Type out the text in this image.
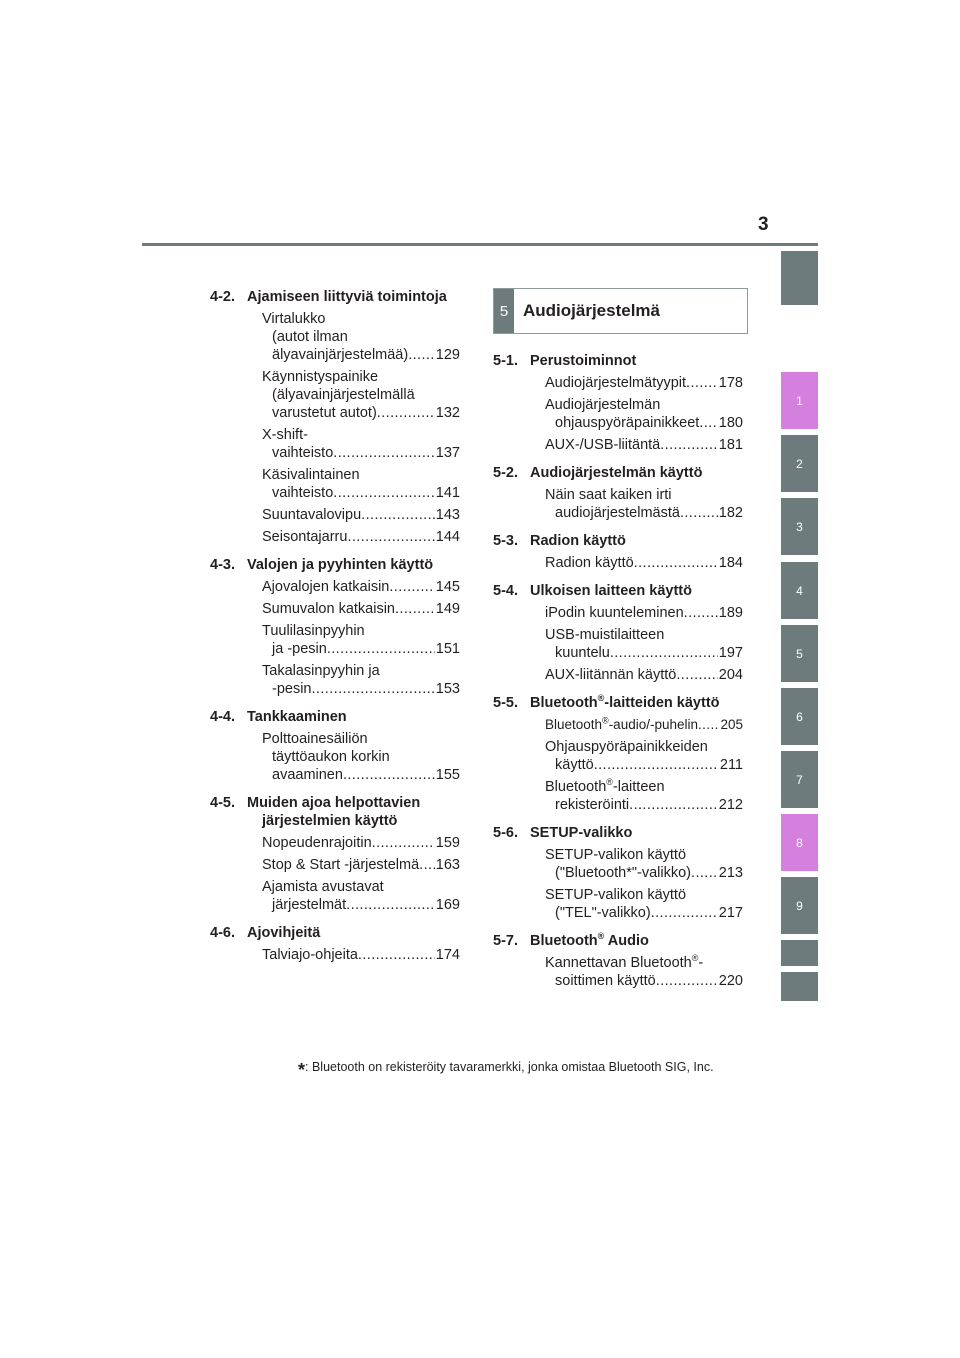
3
1
2
3
4
5
6
7
8
9
4-2. Ajamiseen liittyviä toimintoja
Virtalukko
(autot ilman
älyavainjärjestelmää) ..... 129
Käynnistyspainike
(älyavainjärjestelmällä
varustetut autot) .....	132
X-shift-
vaihteisto .....	137
Käsivalintainen
vaihteisto .....	141
Suuntavalovipu .....	143
Seisontajarru .....	144
4-3. Valojen ja pyyhinten käyttö
Ajovalojen katkaisin .....	145
Sumuvalon katkaisin .....	149
Tuulilasinpyyhin
ja -pesin .....	151
Takalasinpyyhin ja
-pesin .....	153
4-4. Tankkaaminen
Polttoainesäiliön
täyttöaukon korkin
avaaminen .....	155
4-5. Muiden ajoa helpottavien järjestelmien käyttö
Nopeudenrajoitin .....	159
Stop & Start -järjestelmä ..... 163
Ajamista avustavat
järjestelmät .....	169
4-6. Ajovihjeitä
Talviajo-ohjeita .....	174
5 Audiojärjestelmä
5-1. Perustoiminnot
Audiojärjestelmätyypit ..... 178
Audiojärjestelmän
ohjauspyöräpainikkeet ..... 180
AUX-/USB-liitäntä .....	181
5-2. Audiojärjestelmän käyttö
Näin saat kaiken irti
audiojärjestelmästä .....	182
5-3. Radion käyttö
Radion käyttö .....	184
5-4. Ulkoisen laitteen käyttö
iPodin kuunteleminen ..... 189
USB-muistilaitteen
kuuntelu .....	197
AUX-liitännän käyttö .....	204
5-5. Bluetooth®-laitteiden käyttö
Bluetooth®-audio/-puhelin ..... 205
Ohjauspyöräpainikkeiden
käyttö .....	211
Bluetooth®-laitteen
rekisteröinti .....	212
5-6. SETUP-valikko
SETUP-valikon käyttö
("Bluetooth*"-valikko) ..... 213
SETUP-valikon käyttö
("TEL"-valikko) .....	217
5-7. Bluetooth® Audio
Kannettavan Bluetooth®-
soittimen käyttö .....	220
*: Bluetooth on rekisteröity tavaramerkki, jonka omistaa Bluetooth SIG, Inc.
